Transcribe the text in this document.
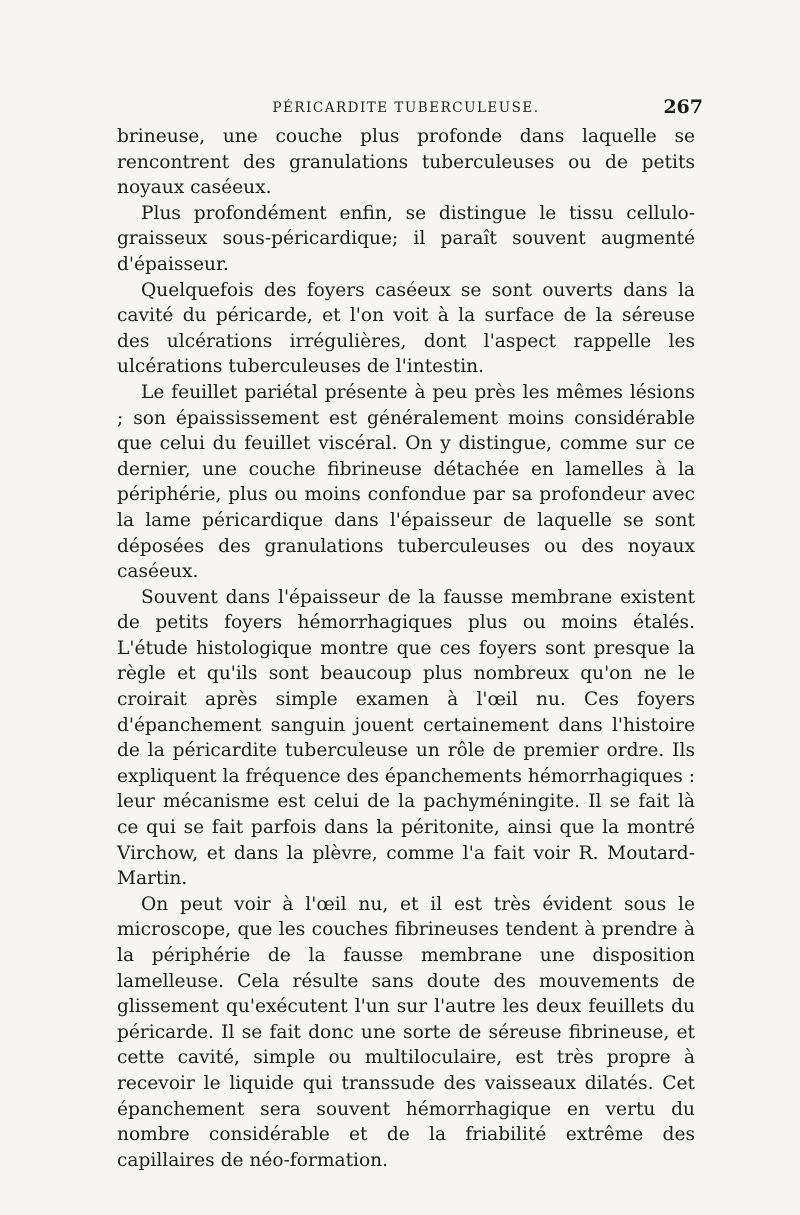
PÉRICARDITE TUBERCULEUSE.	267

brineuse, une couche plus profonde dans laquelle se rencontrent des granulations tuberculeuses ou de petits noyaux caséeux.

Plus profondément enfin, se distingue le tissu cellulo-graisseux sous-péricardique; il paraît souvent augmenté d'épaisseur.

Quelquefois des foyers caséeux se sont ouverts dans la cavité du péricarde, et l'on voit à la surface de la séreuse des ulcérations irrégulières, dont l'aspect rappelle les ulcérations tuberculeuses de l'intestin.

Le feuillet pariétal présente à peu près les mêmes lésions ; son épaississement est généralement moins considérable que celui du feuillet viscéral. On y distingue, comme sur ce dernier, une couche fibrineuse détachée en lamelles à la périphérie, plus ou moins confondue par sa profondeur avec la lame péricardique dans l'épaisseur de laquelle se sont déposées des granulations tuberculeuses ou des noyaux caséeux.

Souvent dans l'épaisseur de la fausse membrane existent de petits foyers hémorrhagiques plus ou moins étalés. L'étude histologique montre que ces foyers sont presque la règle et qu'ils sont beaucoup plus nombreux qu'on ne le croirait après simple examen à l'œil nu. Ces foyers d'épanchement sanguin jouent certainement dans l'histoire de la péricardite tuberculeuse un rôle de premier ordre. Ils expliquent la fréquence des épanchements hémorrhagiques : leur mécanisme est celui de la pachyméningite. Il se fait là ce qui se fait parfois dans la péritonite, ainsi que la montré Virchow, et dans la plèvre, comme l'a fait voir R. Moutard-Martin.

On peut voir à l'œil nu, et il est très évident sous le microscope, que les couches fibrineuses tendent à prendre à la périphérie de la fausse membrane une disposition lamelleuse. Cela résulte sans doute des mouvements de glissement qu'exécutent l'un sur l'autre les deux feuillets du péricarde. Il se fait donc une sorte de séreuse fibrineuse, et cette cavité, simple ou multiloculaire, est très propre à recevoir le liquide qui transsude des vaisseaux dilatés. Cet épanchement sera souvent hémorrhagique en vertu du nombre considérable et de la friabilité extrême des capillaires de néo-formation.
